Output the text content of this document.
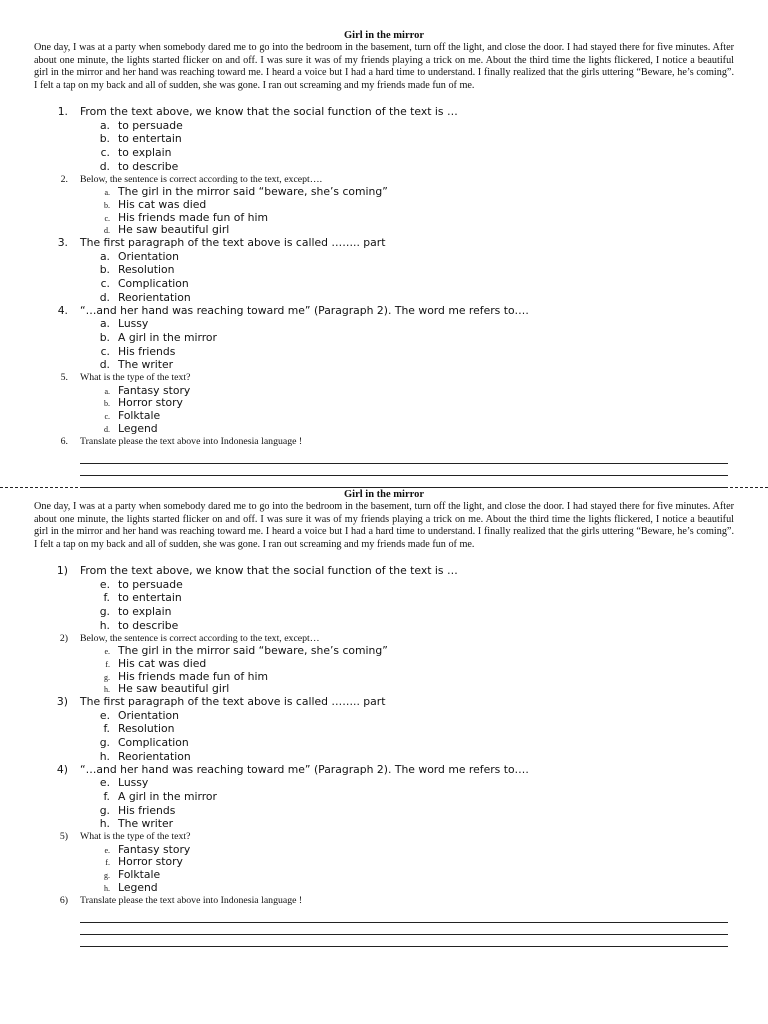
Girl in the mirror

One day, I was at a party when somebody dared me to go into the bedroom in the basement, turn off the light, and close the door. I had stayed there for five minutes. After about one minute, the lights started flicker on and off. I was sure it was of my friends playing a trick on me. About the third time the lights flickered, I notice a beautiful girl in the mirror and her hand was reaching toward me. I heard a voice but I had a hard time to understand. I finally realized that the girls uttering “Beware, he’s coming”. I felt a tap on my back and all of sudden, she was gone. I ran out screaming and my friends made fun of me.

1.	From the text above, we know that the social function of the text is …
a. to persuade
b. to entertain
c. to explain
d. to describe
2.	Below, the sentence is correct according to the text, except….
a. The girl in the mirror said “beware, she’s coming”
b. His cat was died
c. His friends made fun of him
d. He saw beautiful girl
3.	The first paragraph of the text above is called …….. part
a. Orientation
b. Resolution
c. Complication
d. Reorientation
4.	“…and her hand was reaching toward me” (Paragraph 2). The word me refers to….
a. Lussy
b. A girl in the mirror
c. His friends
d. The writer
5.	What is the type of the text?
a. Fantasy story
b. Horror story
c. Folktale
d. Legend
6.	Translate please the text above into Indonesia language !

Girl in the mirror

One day, I was at a party when somebody dared me to go into the bedroom in the basement, turn off the light, and close the door. I had stayed there for five minutes. After about one minute, the lights started flicker on and off. I was sure it was of my friends playing a trick on me. About the third time the lights flickered, I notice a beautiful girl in the mirror and her hand was reaching toward me. I heard a voice but I had a hard time to understand. I finally realized that the girls uttering “Beware, he’s coming”. I felt a tap on my back and all of sudden, she was gone. I ran out screaming and my friends made fun of me.

1)	From the text above, we know that the social function of the text is …
e. to persuade
f. to entertain
g. to explain
h. to describe
2)	Below, the sentence is correct according to the text, except…
e. The girl in the mirror said “beware, she’s coming”
f. His cat was died
g. His friends made fun of him
h. He saw beautiful girl
3)	The first paragraph of the text above is called …….. part
e. Orientation
f. Resolution
g. Complication
h. Reorientation
4)	“…and her hand was reaching toward me” (Paragraph 2). The word me refers to….
e. Lussy
f. A girl in the mirror
g. His friends
h. The writer
5)	What is the type of the text?
e. Fantasy story
f. Horror story
g. Folktale
h. Legend
6)	Translate please the text above into Indonesia language !
